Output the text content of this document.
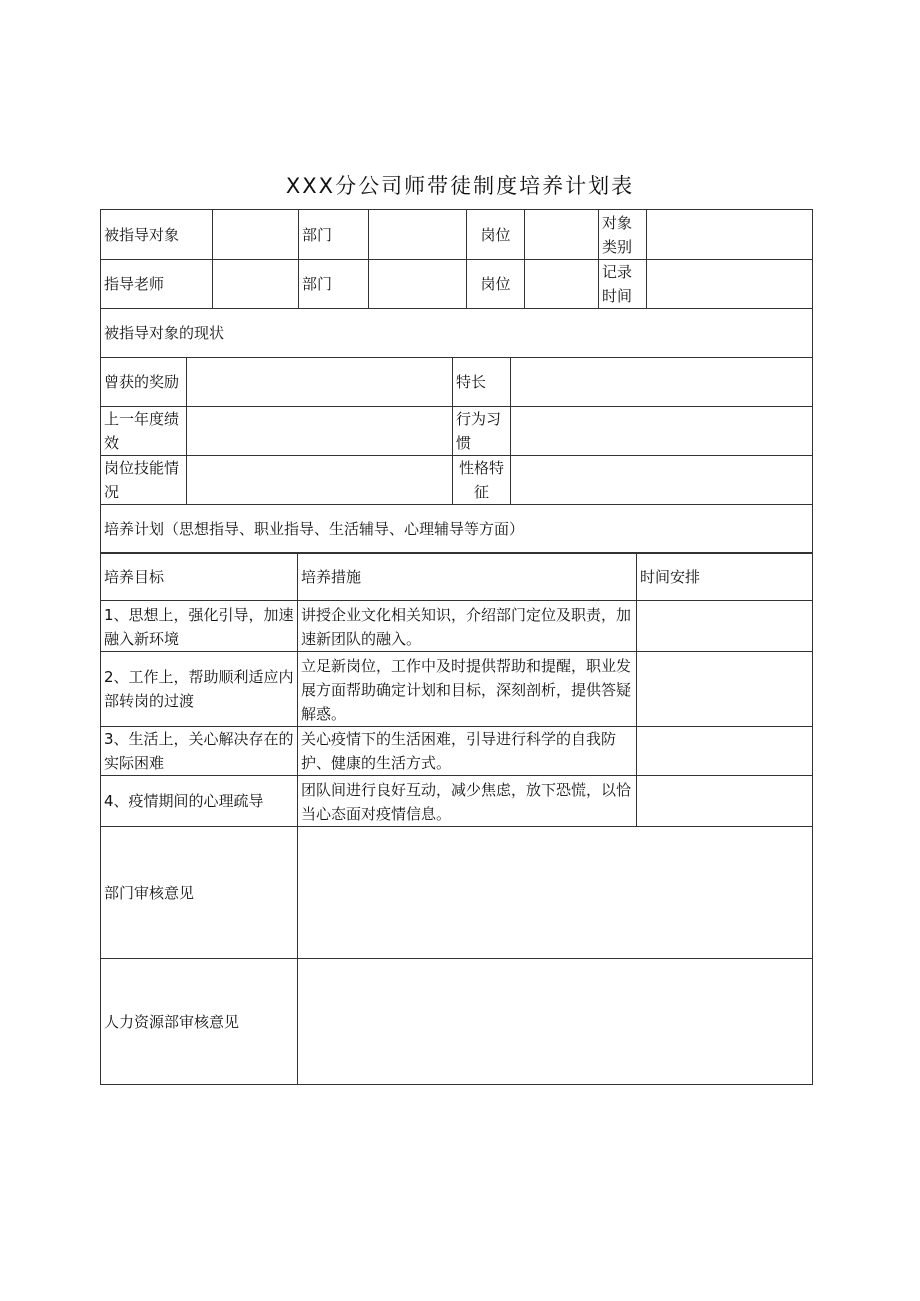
XXX分公司师带徒制度培养计划表
被指导对象		部门		岗位		对象类别	
指导老师		部门		岗位		记录时间	
被指导对象的现状							
曾获的奖励		特长	
上一年度绩效		行为习惯	
岗位技能情况		性格特征	
培养计划（思想指导、职业指导、生活辅导、心理辅导等方面）			
培养目标	培养措施	时间安排
1、思想上，强化引导，加速融入新环境	讲授企业文化相关知识，介绍部门定位及职责，加速新团队的融入。	
2、工作上，帮助顺利适应内部转岗的过渡	立足新岗位，工作中及时提供帮助和提醒，职业发展方面帮助确定计划和目标，深刻剖析，提供答疑解惑。	
3、生活上，关心解决存在的实际困难	关心疫情下的生活困难，引导进行科学的自我防护、健康的生活方式。	
4、疫情期间的心理疏导	团队间进行良好互动，减少焦虑，放下恐慌，以恰当心态面对疫情信息。	
部门审核意见		
人力资源部审核意见		
